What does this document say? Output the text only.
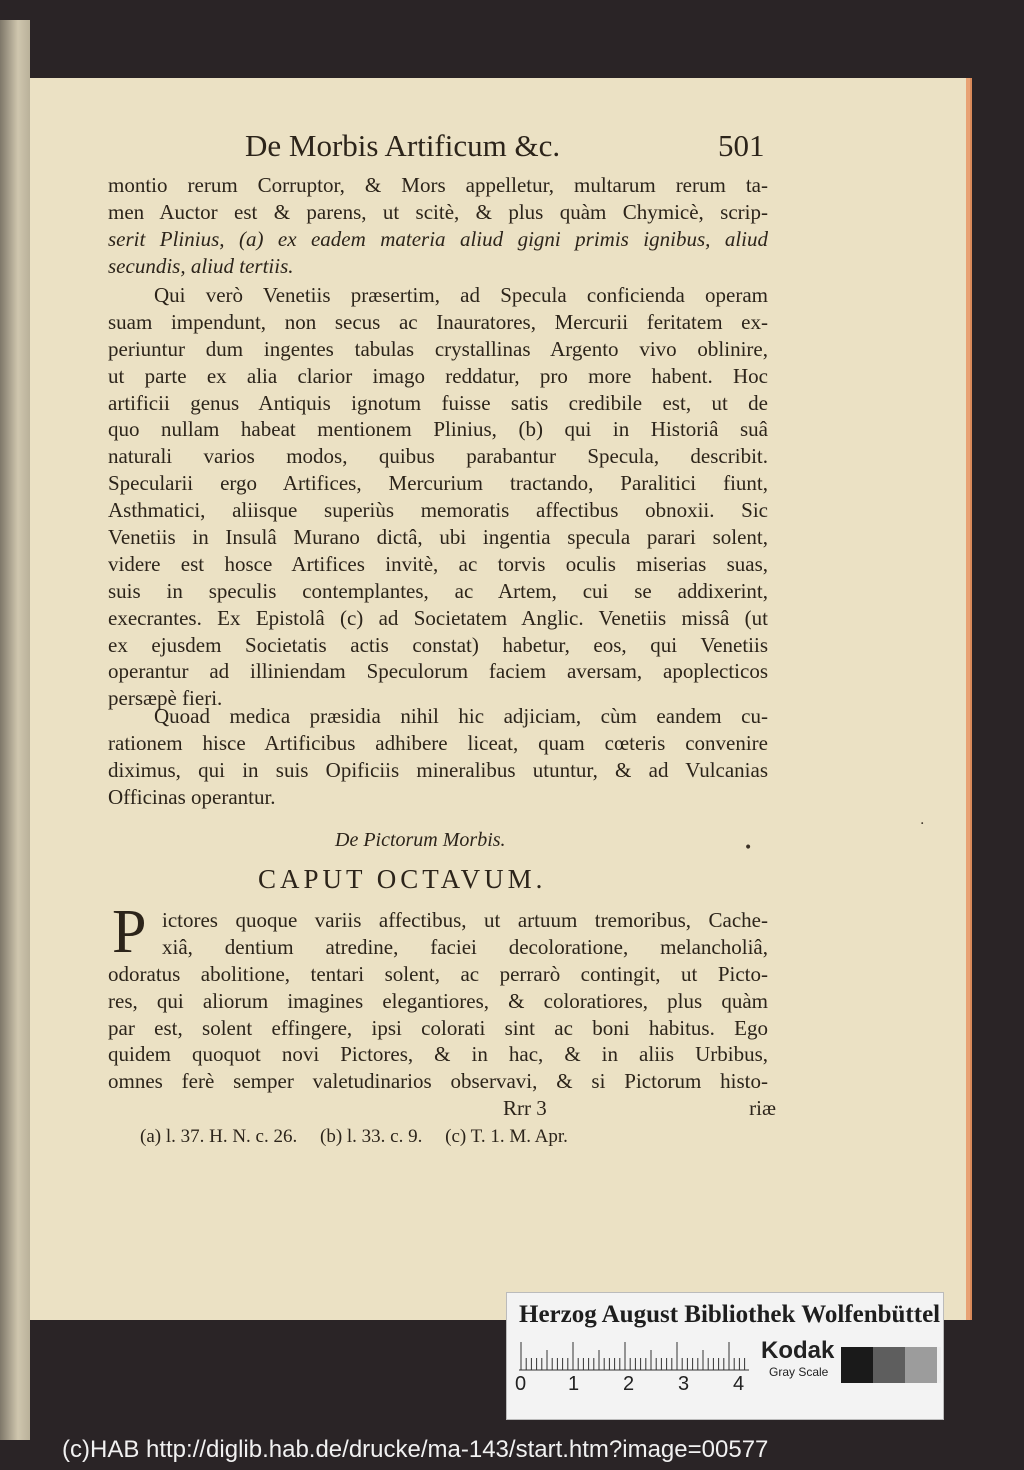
De Morbis Artificum &c.	501
montio rerum Corruptor, & Mors appelletur, multarum rerum ta-
men Auctor est & parens, ut scitè, & plus quàm Chymicè, scrip-
serit Plinius, (a) ex eadem materia aliud gigni primis ignibus, aliud
secundis, aliud tertiis.
Qui verò Venetiis præsertim, ad Specula conficienda operam
suam impendunt, non secus ac Inauratores, Mercurii feritatem ex-
periuntur dum ingentes tabulas crystallinas Argento vivo oblinire,
ut parte ex alia clarior imago reddatur, pro more habent. Hoc
artificii genus Antiquis ignotum fuisse satis credibile est, ut de
quo nullam habeat mentionem Plinius, (b) qui in Historiâ suâ
naturali varios modos, quibus parabantur Specula, describit.
Specularii ergo Artifices, Mercurium tractando, Paralitici fiunt,
Asthmatici, aliisque superiùs memoratis affectibus obnoxii. Sic
Venetiis in Insulâ Murano dictâ, ubi ingentia specula parari solent,
videre est hosce Artifices invitè, ac torvis oculis miserias suas,
suis in speculis contemplantes, ac Artem, cui se addixerint,
execrantes. Ex Epistolâ (c) ad Societatem Anglic. Venetiis missâ (ut
ex ejusdem Societatis actis constat) habetur, eos, qui Venetiis
operantur ad illiniendam Speculorum faciem aversam, apoplecticos
persæpè fieri.
Quoad medica præsidia nihil hic adjiciam, cùm eandem cu-
rationem hisce Artificibus adhibere liceat, quam cœteris convenire
diximus, qui in suis Opificiis mineralibus utuntur, & ad Vulcanias
Officinas operantur.
De Pictorum Morbis.	•
·
CAPUT OCTAVUM.
P ictores quoque variis affectibus, ut artuum tremoribus, Cache-
xiâ, dentium atredine, faciei decoloratione, melancholiâ,
odoratus abolitione, tentari solent, ac perrarò contingit, ut Picto-
res, qui aliorum imagines elegantiores, & coloratiores, plus quàm
par est, solent effingere, ipsi colorati sint ac boni habitus. Ego
quidem quoquot novi Pictores, & in hac, & in aliis Urbibus,
omnes ferè semper valetudinarios observavi, & si Pictorum histo-
Rrr 3	riæ
(a) l. 37. H. N. c. 26. (b) l. 33. c. 9. (c) T. 1. M. Apr.
Herzog August Bibliothek Wolfenbüttel
0 1 2 3 4
Kodak
Gray Scale
(c)HAB http://diglib.hab.de/drucke/ma-143/start.htm?image=00577
